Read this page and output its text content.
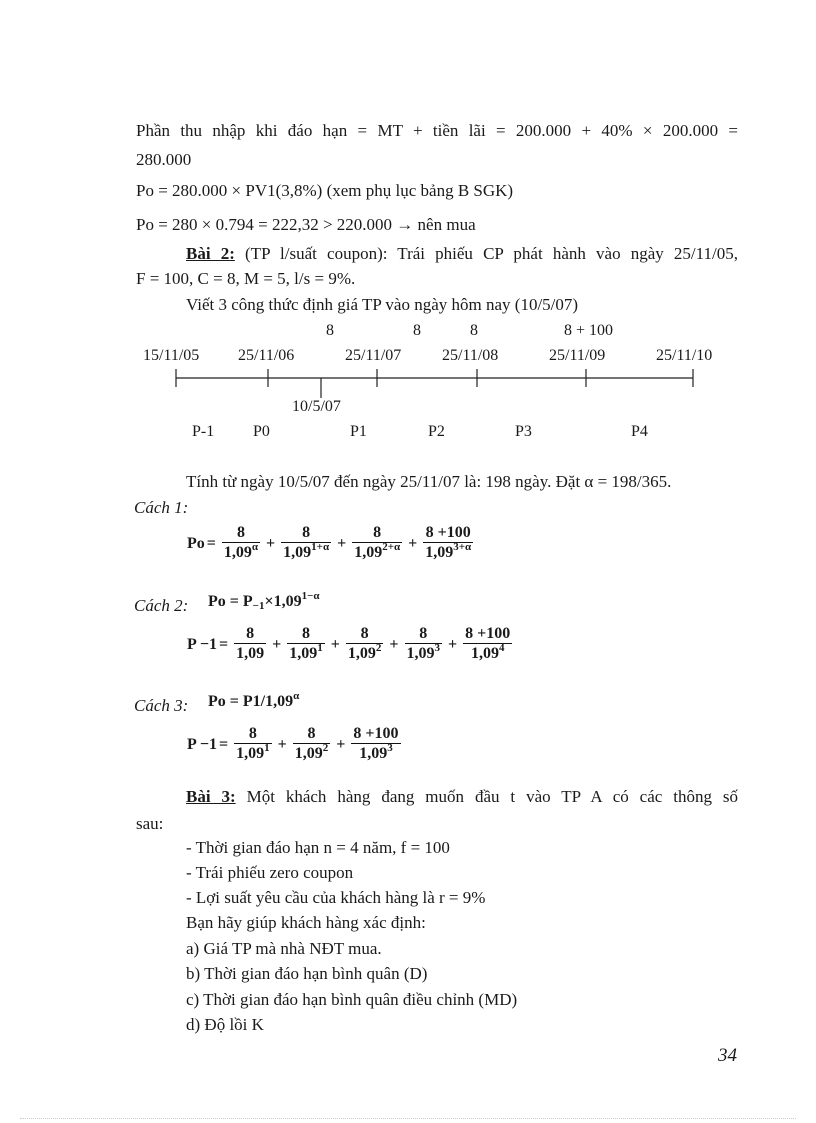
Phần thu nhập khi đáo hạn = MT + tiền lãi = 200.000 + 40% × 200.000 =
280.000
Po = 280.000 × PV1(3,8%) (xem phụ lục bảng B SGK)
Po = 280 × 0.794 = 222,32 > 220.000 → nên mua
Bài 2: (TP l/suất coupon): Trái phiếu CP phát hành vào ngày 25/11/05,
F = 100, C = 8, M = 5, l/s = 9%.
Viết 3 công thức định giá TP vào ngày hôm nay (10/5/07)
8	8	8	8 + 100
15/11/05 25/11/06	25/11/07	25/11/08	25/11/09	25/11/10
10/5/07
P-1 P0	P1	P2	P3	P4
Tính từ ngày 10/5/07 đến ngày 25/11/07 là: 198 ngày. Đặt α = 198/365.
Cách 1:
$Po = \frac{8}{1,09^\alpha} + \frac{8}{1,09^{1+\alpha}} + \frac{8}{1,09^{2+\alpha}} + \frac{8 +100}{1,09^{3+\alpha}}$
Cách 2: $Po = P_{-1}\times 1,09^{1-\alpha}$
$P -1 = \frac{8}{1,09} + \frac{8}{1,09^1} + \frac{8}{1,09^2} + \frac{8}{1,09^3} + \frac{8 +100}{1,09^4}$
Cách 3: $Po = P1/1,09^\alpha$
$P -1 = \frac{8}{1,09^1} + \frac{8}{1,09^2} + \frac{8 +100}{1,09^3}$
Bài 3: Một khách hàng đang muốn đầu t vào TP A có các thông số
sau:
- Thời gian đáo hạn n = 4 năm, f = 100
- Trái phiếu zero coupon
- Lợi suất yêu cầu của khách hàng là r = 9%
Bạn hãy giúp khách hàng xác định:
a) Giá TP mà nhà NĐT mua.
b) Thời gian đáo hạn bình quân (D)
c) Thời gian đáo hạn bình quân điều chỉnh (MD)
d) Độ lồi K
34
